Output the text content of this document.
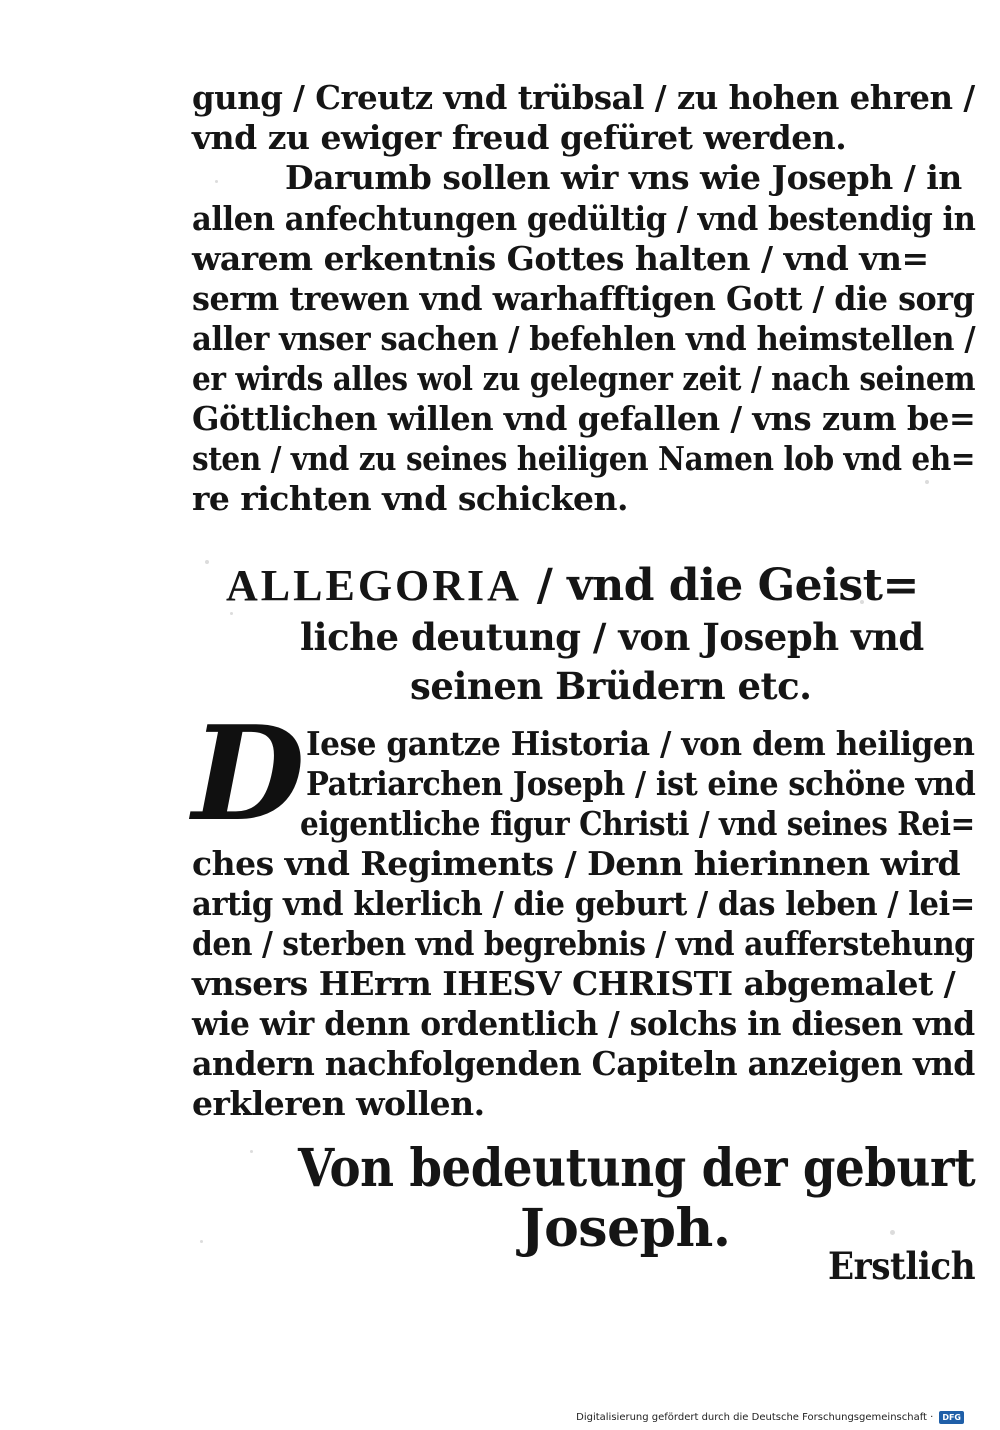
gung / Creutz vnd trübsal / zu hohen ehren /
vnd zu ewiger freud gefüret werden.
Darumb sollen wir vns wie Joseph / in
allen anfechtungen gedültig / vnd bestendig in
warem erkentnis Gottes halten / vnd vn=
serm trewen vnd warhafftigen Gott / die sorg
aller vnser sachen / befehlen vnd heimstellen /
er wirds alles wol zu gelegner zeit / nach seinem
Göttlichen willen vnd gefallen / vns zum be=
sten / vnd zu seines heiligen Namen lob vnd eh=
re richten vnd schicken.
ALLEGORIA / vnd die Geist=
liche deutung / von Joseph vnd
seinen Brüdern etc.
D Iese gantze Historia / von dem heiligen
Patriarchen Joseph / ist eine schöne vnd
eigentliche figur Christi / vnd seines Rei=
ches vnd Regiments / Denn hierinnen wird
artig vnd klerlich / die geburt / das leben / lei=
den / sterben vnd begrebnis / vnd aufferstehung
vnsers HErrn IHESV CHRISTI abgemalet /
wie wir denn ordentlich / solchs in diesen vnd
andern nachfolgenden Capiteln anzeigen vnd
erkleren wollen.
Von bedeutung der geburt
Joseph.
Erstlich
Digitalisierung gefördert durch die Deutsche Forschungsgemeinschaft ·	DFG
